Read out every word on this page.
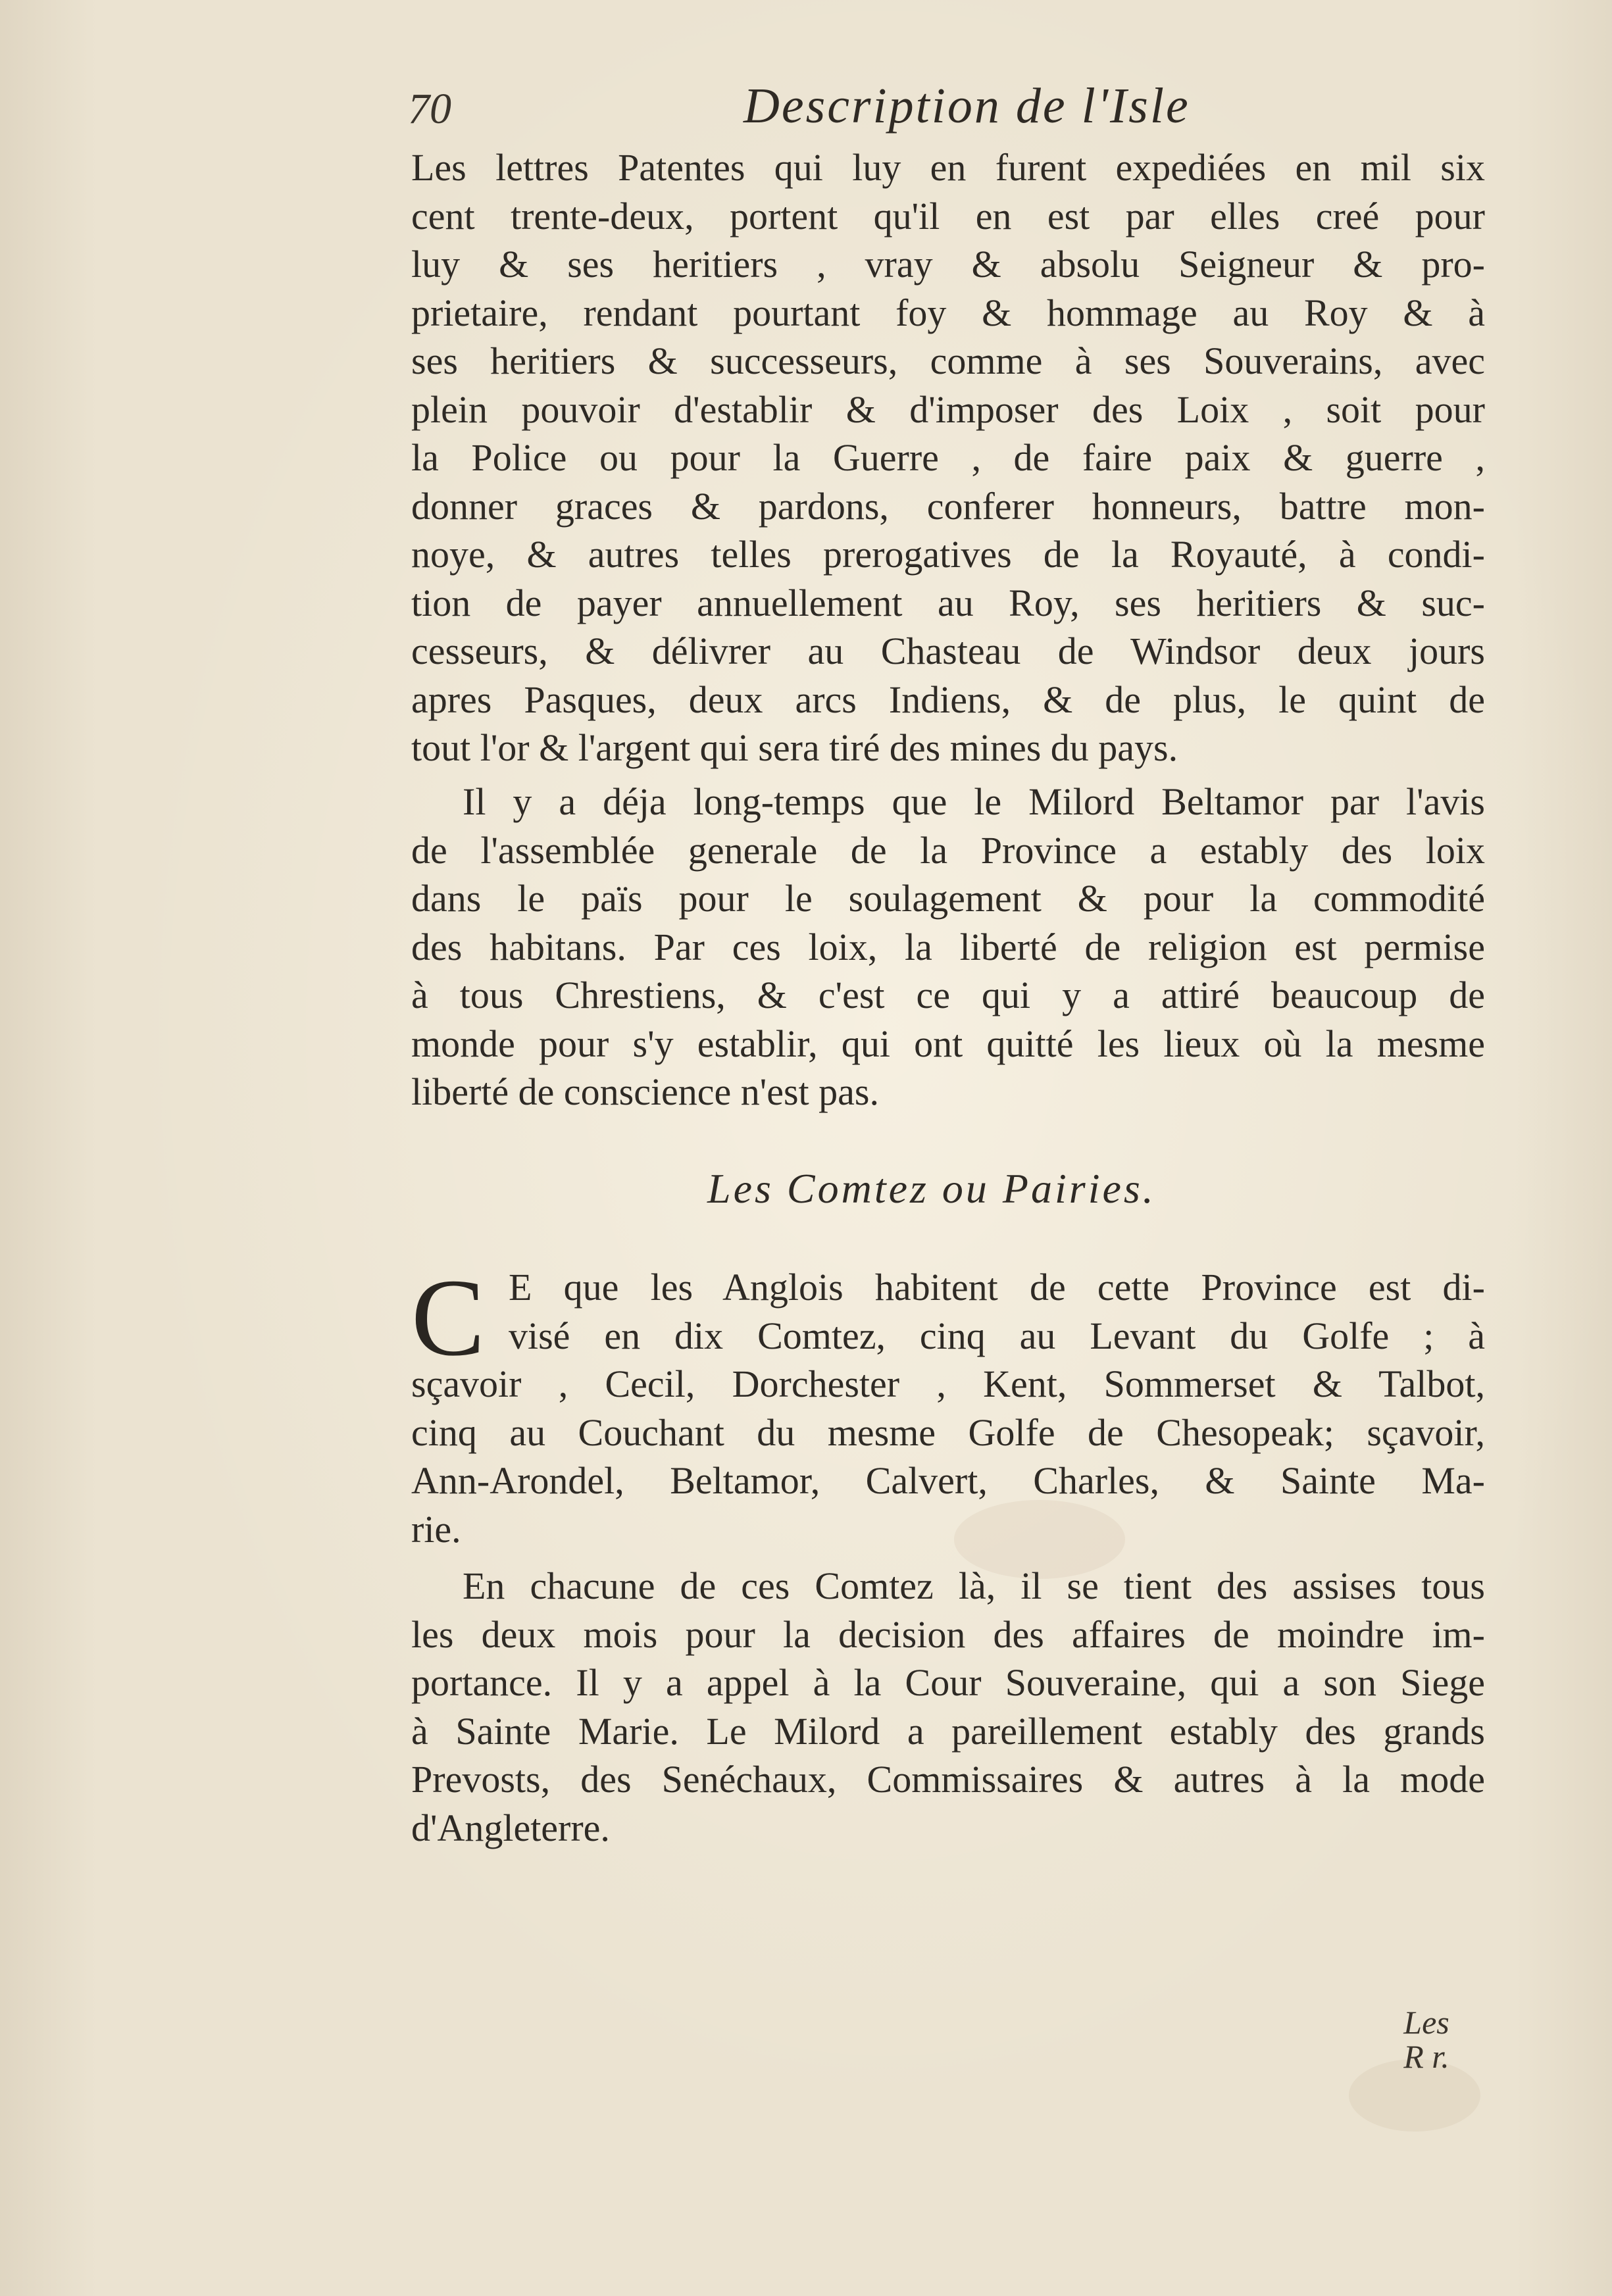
70	Description de l'Isle
Les lettres Patentes qui luy en furent expediées en mil six
cent trente-deux, portent qu'il en est par elles creé pour
luy & ses heritiers , vray & absolu Seigneur & pro-
prietaire, rendant pourtant foy & hommage au Roy & à
ses heritiers & successeurs, comme à ses Souverains, avec
plein pouvoir d'establir & d'imposer des Loix , soit pour
la Police ou pour la Guerre , de faire paix & guerre ,
donner graces & pardons, conferer honneurs, battre mon-
noye, & autres telles prerogatives de la Royauté, à condi-
tion de payer annuellement au Roy, ses heritiers & suc-
cesseurs, & délivrer au Chasteau de Windsor deux jours
apres Pasques, deux arcs Indiens, & de plus, le quint de
tout l'or & l'argent qui sera tiré des mines du pays.
Il y a déja long-temps que le Milord Beltamor par l'avis
de l'assemblée generale de la Province a estably des loix
dans le païs pour le soulagement & pour la commodité
des habitans. Par ces loix, la liberté de religion est permise
à tous Chrestiens, & c'est ce qui y a attiré beaucoup de
monde pour s'y establir, qui ont quitté les lieux où la mesme
liberté de conscience n'est pas.
Les Comtez ou Pairies.
C E que les Anglois habitent de cette Province est di-
visé en dix Comtez, cinq au Levant du Golfe ; à
sçavoir , Cecil, Dorchester , Kent, Sommerset & Talbot,
cinq au Couchant du mesme Golfe de Chesopeak; sçavoir,
Ann-Arondel, Beltamor, Calvert, Charles, & Sainte Ma-
rie.
En chacune de ces Comtez là, il se tient des assises tous
les deux mois pour la decision des affaires de moindre im-
portance. Il y a appel à la Cour Souveraine, qui a son Siege
à Sainte Marie. Le Milord a pareillement estably des grands
Prevosts, des Senéchaux, Commissaires & autres à la mode
d'Angleterre.
Les
R r.
